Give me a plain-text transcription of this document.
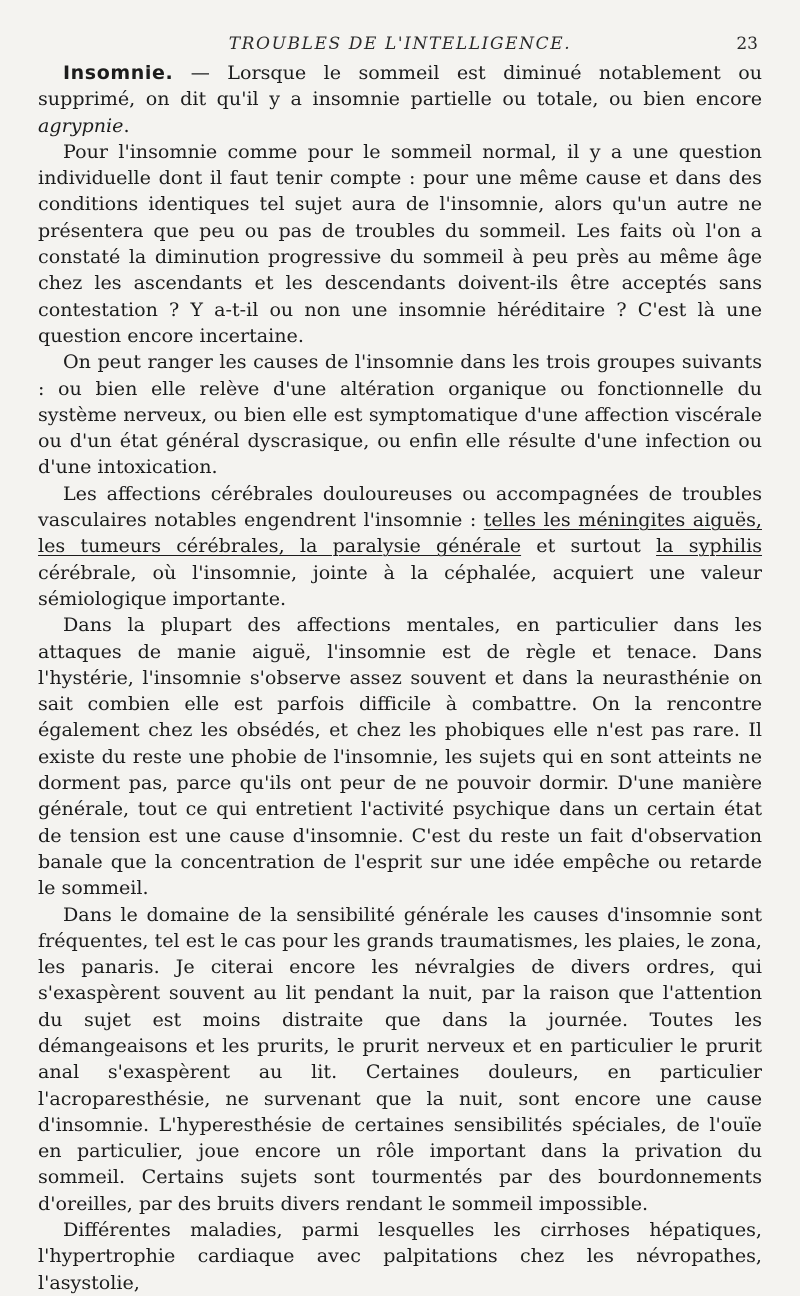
TROUBLES DE L'INTELLIGENCE.	23

Insomnie. — Lorsque le sommeil est diminué notablement ou supprimé, on dit qu'il y a insomnie partielle ou totale, ou bien encore agrypnie.

Pour l'insomnie comme pour le sommeil normal, il y a une question individuelle dont il faut tenir compte : pour une même cause et dans des conditions identiques tel sujet aura de l'insomnie, alors qu'un autre ne présentera que peu ou pas de troubles du sommeil. Les faits où l'on a constaté la diminution progressive du sommeil à peu près au même âge chez les ascendants et les descendants doivent-ils être acceptés sans contestation ? Y a-t-il ou non une insomnie héréditaire ? C'est là une question encore incertaine.

On peut ranger les causes de l'insomnie dans les trois groupes suivants : ou bien elle relève d'une altération organique ou fonctionnelle du système nerveux, ou bien elle est symptomatique d'une affection viscérale ou d'un état général dyscrasique, ou enfin elle résulte d'une infection ou d'une intoxication.

Les affections cérébrales douloureuses ou accompagnées de troubles vasculaires notables engendrent l'insomnie : telles les méningites aiguës, les tumeurs cérébrales, la paralysie générale et surtout la syphilis cérébrale, où l'insomnie, jointe à la céphalée, acquiert une valeur sémiologique importante.

Dans la plupart des affections mentales, en particulier dans les attaques de manie aiguë, l'insomnie est de règle et tenace. Dans l'hystérie, l'insomnie s'observe assez souvent et dans la neurasthénie on sait combien elle est parfois difficile à combattre. On la rencontre également chez les obsédés, et chez les phobiques elle n'est pas rare. Il existe du reste une phobie de l'insomnie, les sujets qui en sont atteints ne dorment pas, parce qu'ils ont peur de ne pouvoir dormir. D'une manière générale, tout ce qui entretient l'activité psychique dans un certain état de tension est une cause d'insomnie. C'est du reste un fait d'observation banale que la concentration de l'esprit sur une idée empêche ou retarde le sommeil.

Dans le domaine de la sensibilité générale les causes d'insomnie sont fréquentes, tel est le cas pour les grands traumatismes, les plaies, le zona, les panaris. Je citerai encore les névralgies de divers ordres, qui s'exaspèrent souvent au lit pendant la nuit, par la raison que l'attention du sujet est moins distraite que dans la journée. Toutes les démangeaisons et les prurits, le prurit nerveux et en particulier le prurit anal s'exaspèrent au lit. Certaines douleurs, en particulier l'acroparesthésie, ne survenant que la nuit, sont encore une cause d'insomnie. L'hyperesthésie de certaines sensibilités spéciales, de l'ouïe en particulier, joue encore un rôle important dans la privation du sommeil. Certains sujets sont tourmentés par des bourdonnements d'oreilles, par des bruits divers rendant le sommeil impossible.

Différentes maladies, parmi lesquelles les cirrhoses hépatiques, l'hypertrophie cardiaque avec palpitations chez les névropathes, l'asystolie,
